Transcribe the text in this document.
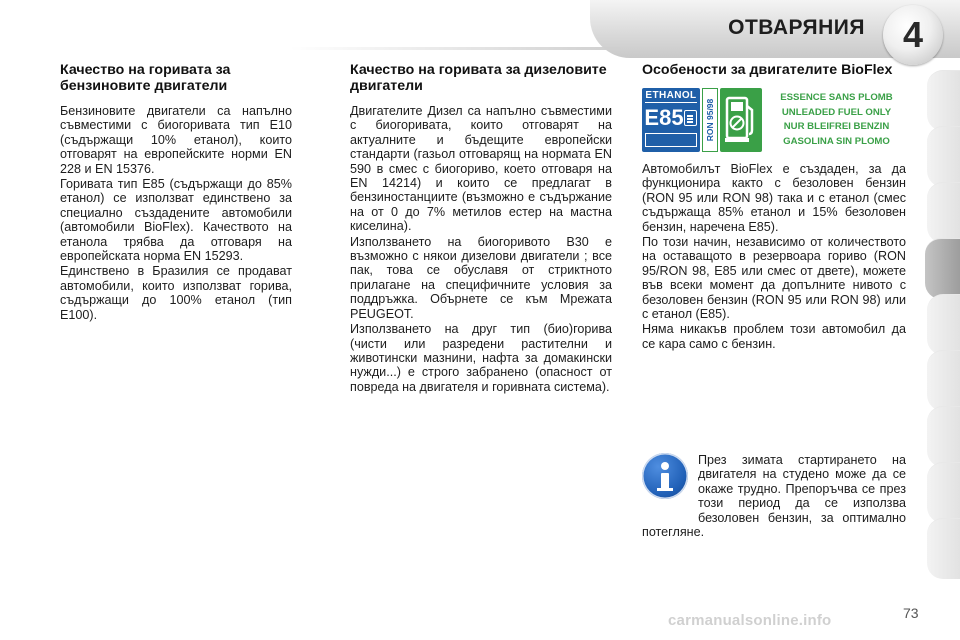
ОТВАРЯНИЯ 4
Качество на горивата за бензиновите двигатели

Бензиновите двигатели са напълно съвместими с биогоривата тип Е10 (съдържащи 10% етанол), които отговарят на европейските норми EN 228 и EN 15376.

Горивата тип Е85 (съдържащи до 85% етанол) се използват единствено за специално създадените автомобили (автомобили BioFlex). Качеството на етанола трябва да отговаря на европейската норма EN 15293.

Единствено в Бразилия се продават автомобили, които използват горива, съдържащи до 100% етанол (тип Е100).

Качество на горивата за дизеловите двигатели

Двигателите Дизел са напълно съвместими с биогоривата, които отговарят на актуалните и бъдещите европейски стандарти (газьол отговарящ на нормата EN 590 в смес с биогориво, което отговаря на EN 14214) и които се предлагат в бензиностанциите (възможно е съдържание на от 0 до 7% метилов естер на мастна киселина).

Използването на биогоривото B30 е възможно с някои дизелови двигатели ; все пак, това се обуславя от стриктното прилагане на специфичните условия за поддръжка. Обърнете се към Мрежата PEUGEOT.

Използването на друг тип (био)горива (чисти или разредени растителни и животински мазнини, нафта за домакински нужди...) е строго забранено (опасност от повреда на двигателя и горивната система).

Особености за двигателите BioFlex
ETHANOL
E85	RON 95/98
ESSENCE SANS PLOMB
UNLEADED FUEL ONLY
NUR BLEIFREI BENZIN
GASOLINA SIN PLOMO

Автомобилът BioFlex е създаден, за да функционира както с безоловен бензин (RON 95 или RON 98) така и с етанол (смес съдържаща 85% етанол и 15% безоловен бензин, наречена Е85).

По този начин, независимо от количеството на оставащото в резервоара гориво (RON 95/RON 98, E85 или смес от двете), можете във всеки момент да допълните нивото с безоловен бензин (RON 95 или RON 98) или с етанол (Е85).

Няма никакъв проблем този автомобил да се кара само с бензин.

През зимата стартирането на двигателя на студено може да се окаже трудно. Препоръчва се през този период да се използва безоловен бензин, за оптимално потегляне.
carmanualsonline.info	73
